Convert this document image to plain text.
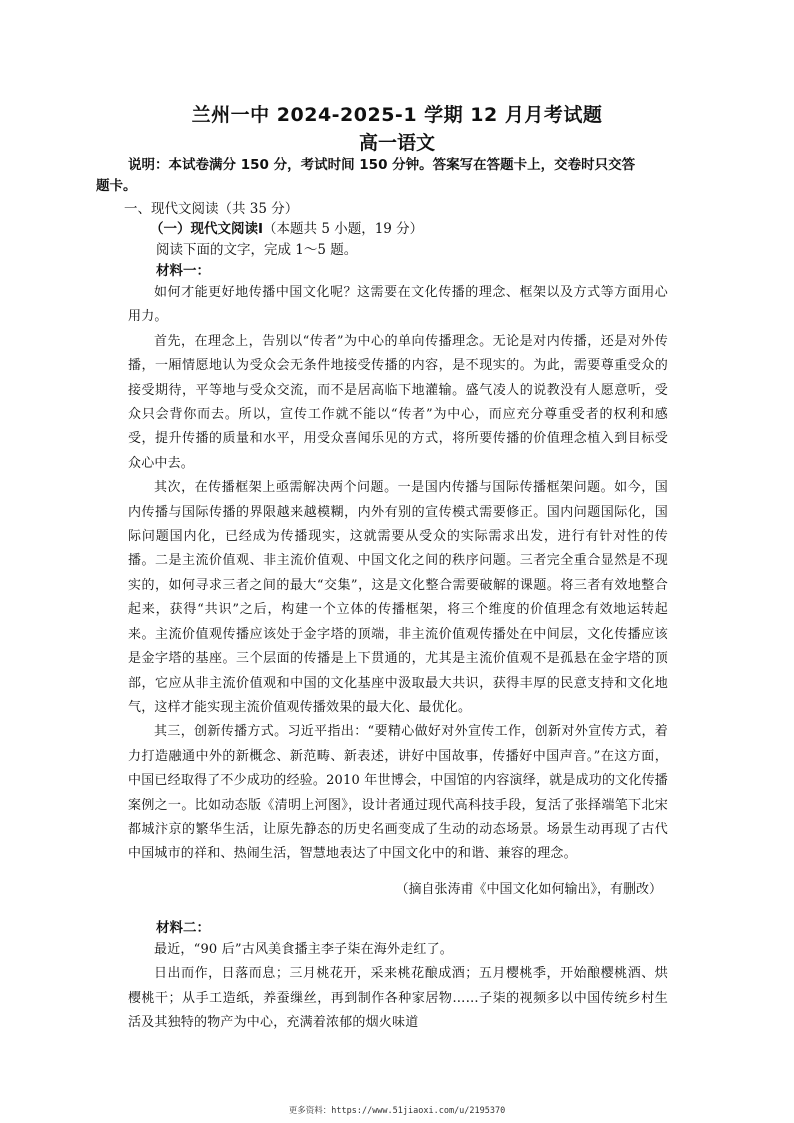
兰州一中 2024-2025-1 学期 12 月月考试题
高一语文
说明：本试卷满分 150 分，考试时间 150 分钟。答案写在答题卡上，交卷时只交答题卡。
一、现代文阅读（共 35 分）
（一）现代文阅读Ⅰ（本题共 5 小题，19 分）
阅读下面的文字，完成 1～5 题。
材料一：

如何才能更好地传播中国文化呢？这需要在文化传播的理念、框架以及方式等方面用心用力。

首先，在理念上，告别以“传者”为中心的单向传播理念。无论是对内传播，还是对外传播，一厢情愿地认为受众会无条件地接受传播的内容，是不现实的。为此，需要尊重受众的接受期待，平等地与受众交流，而不是居高临下地灌输。盛气凌人的说教没有人愿意听，受众只会背你而去。所以，宣传工作就不能以“传者”为中心，而应充分尊重受者的权利和感受，提升传播的质量和水平，用受众喜闻乐见的方式，将所要传播的价值理念植入到目标受众心中去。

其次，在传播框架上亟需解决两个问题。一是国内传播与国际传播框架问题。如今，国内传播与国际传播的界限越来越模糊，内外有别的宣传模式需要修正。国内问题国际化，国际问题国内化，已经成为传播现实，这就需要从受众的实际需求出发，进行有针对性的传播。二是主流价值观、非主流价值观、中国文化之间的秩序问题。三者完全重合显然是不现实的，如何寻求三者之间的最大“交集”，这是文化整合需要破解的课题。将三者有效地整合起来，获得“共识”之后，构建一个立体的传播框架，将三个维度的价值理念有效地运转起来。主流价值观传播应该处于金字塔的顶端，非主流价值观传播处在中间层，文化传播应该是金字塔的基座。三个层面的传播是上下贯通的，尤其是主流价值观不是孤悬在金字塔的顶部，它应从非主流价值观和中国的文化基座中汲取最大共识，获得丰厚的民意支持和文化地气，这样才能实现主流价值观传播效果的最大化、最优化。

其三，创新传播方式。习近平指出：“要精心做好对外宣传工作，创新对外宣传方式，着力打造融通中外的新概念、新范畴、新表述，讲好中国故事，传播好中国声音。”在这方面，中国已经取得了不少成功的经验。2010 年世博会，中国馆的内容演绎，就是成功的文化传播案例之一。比如动态版《清明上河图》，设计者通过现代高科技手段，复活了张择端笔下北宋都城汴京的繁华生活，让原先静态的历史名画变成了生动的动态场景。场景生动再现了古代中国城市的祥和、热闹生活，智慧地表达了中国文化中的和谐、兼容的理念。

（摘自张涛甫《中国文化如何输出》，有删改）
材料二：

最近，“90 后”古风美食播主李子柒在海外走红了。

日出而作，日落而息；三月桃花开，采来桃花酿成酒；五月樱桃季，开始酿樱桃酒、烘樱桃干；从手工造纸，养蚕缫丝，再到制作各种家居物……子柒的视频多以中国传统乡村生活及其独特的物产为中心，充满着浓郁的烟火味道

更多资料：https://www.51jiaoxi.com/u/2195370
